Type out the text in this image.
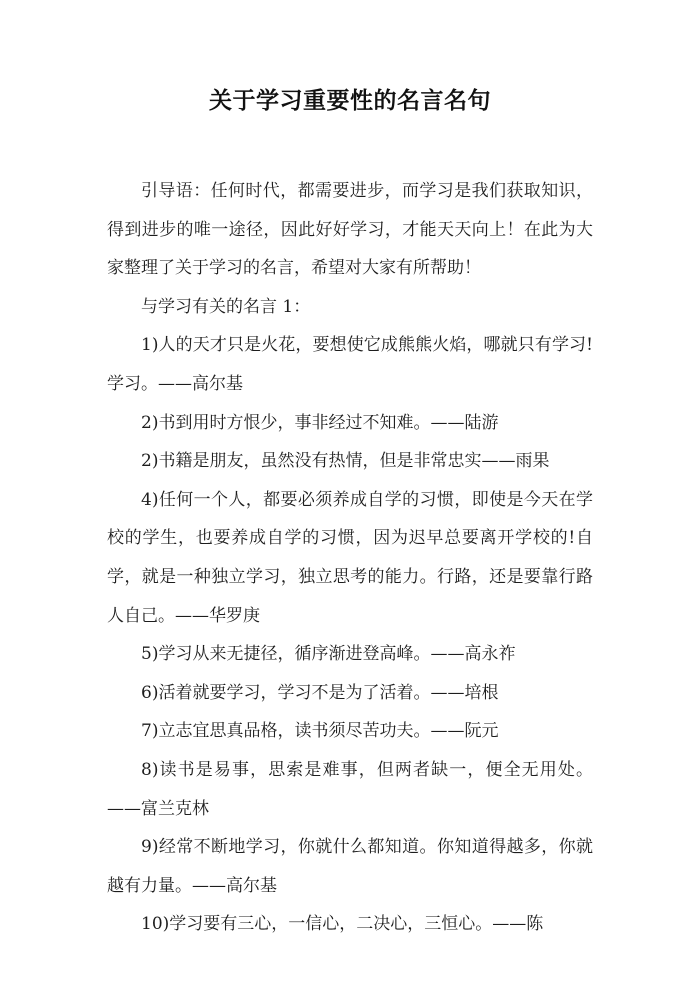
关于学习重要性的名言名句

引导语：任何时代，都需要进步，而学习是我们获取知识，得到进步的唯一途径，因此好好学习，才能天天向上！在此为大家整理了关于学习的名言，希望对大家有所帮助！

与学习有关的名言 1：

1)人的天才只是火花，要想使它成熊熊火焰，哪就只有学习!学习。——高尔基

2)书到用时方恨少，事非经过不知难。——陆游

2)书籍是朋友，虽然没有热情，但是非常忠实——雨果

4)任何一个人，都要必须养成自学的习惯，即使是今天在学校的学生，也要养成自学的习惯，因为迟早总要离开学校的!自学，就是一种独立学习，独立思考的能力。行路，还是要靠行路人自己。——华罗庚

5)学习从来无捷径，循序渐进登高峰。——高永祚

6)活着就要学习，学习不是为了活着。——培根

7)立志宜思真品格，读书须尽苦功夫。——阮元

8)读书是易事，思索是难事，但两者缺一，便全无用处。——富兰克林

9)经常不断地学习，你就什么都知道。你知道得越多，你就越有力量。——高尔基

10)学习要有三心，一信心，二决心，三恒心。——陈
